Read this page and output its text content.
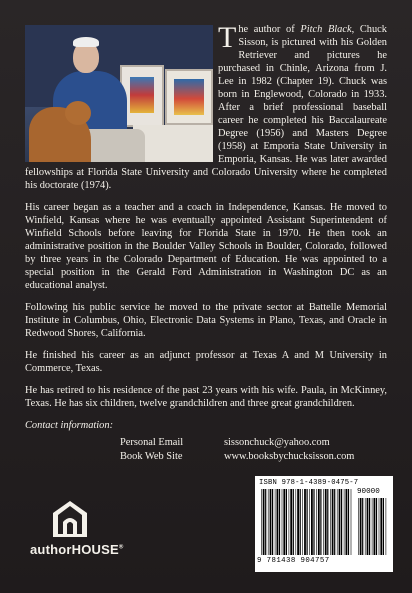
The author of Pitch Black, Chuck Sisson, is pictured with his Golden Retriever and pictures he purchased in Chinle, Arizona from J. Lee in 1982 (Chapter 19). Chuck was born in Englewood, Colorado in 1933. After a brief professional baseball career he completed his Baccalaureate Degree (1956) and Masters Degree (1958) at Emporia State University in Emporia, Kansas. He was later awarded fellowships at Florida State University and Colorado University where he completed his doctorate (1974).

His career began as a teacher and a coach in Independence, Kansas. He moved to Winfield, Kansas where he was eventually appointed Assistant Superintendent of Winfield Schools before leaving for Florida State in 1970. He then took an administrative position in the Boulder Valley Schools in Boulder, Colorado, followed by three years in the Colorado Department of Education. He was appointed to a special position in the Gerald Ford Administration in Washington DC as an educational analyst.

Following his public service he moved to the private sector at Battelle Memorial Institute in Columbus, Ohio, Electronic Data Systems in Plano, Texas, and Oracle in Redwood Shores, California.

He finished his career as an adjunct professor at Texas A and M University in Commerce, Texas.

He has retired to his residence of the past 23 years with his wife. Paula, in McKinney, Texas. He has six children, twelve grandchildren and three great grandchildren.

Contact information:
Personal Email	sissonchuck@yahoo.com
Book Web Site	www.booksbychucksisson.com
authorHOUSE®
ISBN 978-1-4389-0475-7
90000
9 781438 904757
